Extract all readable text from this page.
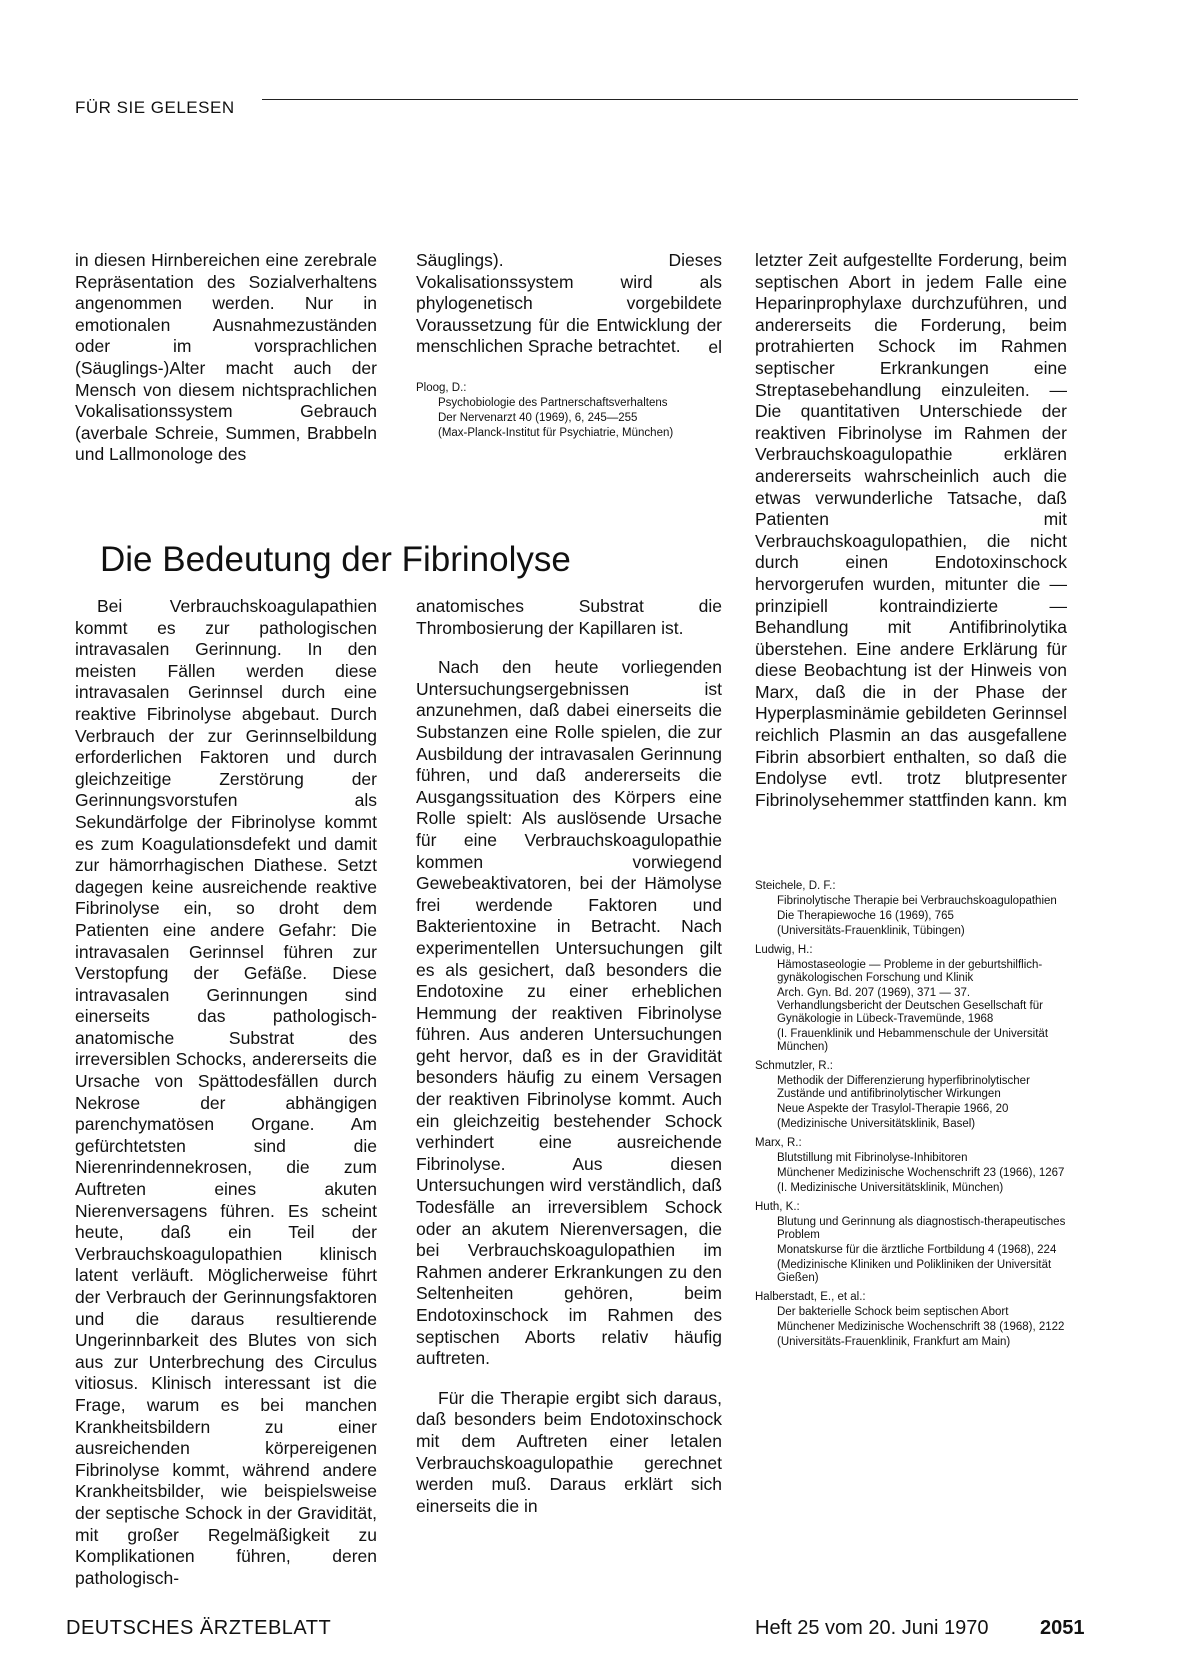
FÜR SIE GELESEN

in diesen Hirnbereichen eine zerebrale Repräsentation des Sozialverhaltens angenommen werden. Nur in emotionalen Ausnahmezuständen oder im vorsprachlichen (Säuglings-)Alter macht auch der Mensch von diesem nichtsprachlichen Vokalisationssystem Gebrauch (averbale Schreie, Summen, Brabbeln und Lallmonologe des

Säuglings). Dieses Vokalisationssystem wird als phylogenetisch vorgebildete Voraussetzung für die Entwicklung der menschlichen Sprache betrachtet.	el
Ploog, D.:
Psychobiologie des Partnerschaftsverhaltens
Der Nervenarzt 40 (1969), 6, 245—255
(Max-Planck-Institut für Psychiatrie, München)
Die Bedeutung der Fibrinolyse

Bei Verbrauchskoagulapathien kommt es zur pathologischen intravasalen Gerinnung. In den meisten Fällen werden diese intravasalen Gerinnsel durch eine reaktive Fibrinolyse abgebaut. Durch Verbrauch der zur Gerinnselbildung erforderlichen Faktoren und durch gleichzeitige Zerstörung der Gerinnungsvorstufen als Sekundärfolge der Fibrinolyse kommt es zum Koagulationsdefekt und damit zur hämorrhagischen Diathese. Setzt dagegen keine ausreichende reaktive Fibrinolyse ein, so droht dem Patienten eine andere Gefahr: Die intravasalen Gerinnsel führen zur Verstopfung der Gefäße. Diese intravasalen Gerinnungen sind einerseits das pathologisch-anatomische Substrat des irreversiblen Schocks, andererseits die Ursache von Spättodesfällen durch Nekrose der abhängigen parenchymatösen Organe. Am gefürchtetsten sind die Nierenrindennekrosen, die zum Auftreten eines akuten Nierenversagens führen. Es scheint heute, daß ein Teil der Verbrauchskoagulopathien klinisch latent verläuft. Möglicherweise führt der Verbrauch der Gerinnungsfaktoren und die daraus resultierende Ungerinnbarkeit des Blutes von sich aus zur Unterbrechung des Circulus vitiosus. Klinisch interessant ist die Frage, warum es bei manchen Krankheitsbildern zu einer ausreichenden körpereigenen Fibrinolyse kommt, während andere Krankheitsbilder, wie beispielsweise der septische Schock in der Gravidität, mit großer Regelmäßigkeit zu Komplikationen führen, deren pathologisch-

anatomisches Substrat die Thrombosierung der Kapillaren ist.

Nach den heute vorliegenden Untersuchungsergebnissen ist anzunehmen, daß dabei einerseits die Substanzen eine Rolle spielen, die zur Ausbildung der intravasalen Gerinnung führen, und daß andererseits die Ausgangssituation des Körpers eine Rolle spielt: Als auslösende Ursache für eine Verbrauchskoagulopathie kommen vorwiegend Gewebeaktivatoren, bei der Hämolyse frei werdende Faktoren und Bakterientoxine in Betracht. Nach experimentellen Untersuchungen gilt es als gesichert, daß besonders die Endotoxine zu einer erheblichen Hemmung der reaktiven Fibrinolyse führen. Aus anderen Untersuchungen geht hervor, daß es in der Gravidität besonders häufig zu einem Versagen der reaktiven Fibrinolyse kommt. Auch ein gleichzeitig bestehender Schock verhindert eine ausreichende Fibrinolyse. Aus diesen Untersuchungen wird verständlich, daß Todesfälle an irreversiblem Schock oder an akutem Nierenversagen, die bei Verbrauchskoagulopathien im Rahmen anderer Erkrankungen zu den Seltenheiten gehören, beim Endotoxinschock im Rahmen des septischen Aborts relativ häufig auftreten.

Für die Therapie ergibt sich daraus, daß besonders beim Endotoxinschock mit dem Auftreten einer letalen Verbrauchskoagulopathie gerechnet werden muß. Daraus erklärt sich einerseits die in

letzter Zeit aufgestellte Forderung, beim septischen Abort in jedem Falle eine Heparinprophylaxe durchzuführen, und andererseits die Forderung, beim protrahierten Schock im Rahmen septischer Erkrankungen eine Streptasebehandlung einzuleiten. — Die quantitativen Unterschiede der reaktiven Fibrinolyse im Rahmen der Verbrauchskoagulopathie erklären andererseits wahrscheinlich auch die etwas verwunderliche Tatsache, daß Patienten mit Verbrauchskoagulopathien, die nicht durch einen Endotoxinschock hervorgerufen wurden, mitunter die — prinzipiell kontraindizierte — Behandlung mit Antifibrinolytika überstehen. Eine andere Erklärung für diese Beobachtung ist der Hinweis von Marx, daß die in der Phase der Hyperplasminämie gebildeten Gerinnsel reichlich Plasmin an das ausgefallene Fibrin absorbiert enthalten, so daß die Endolyse evtl. trotz blutpresenter Fibrinolysehemmer stattfinden kann. km
Steichele, D. F.:
Fibrinolytische Therapie bei Verbrauchskoagulopathien
Die Therapiewoche 16 (1969), 765
(Universitäts-Frauenklinik, Tübingen)
Ludwig, H.:
Hämostaseologie — Probleme in der geburtshilflich-gynäkologischen Forschung und Klinik
Arch. Gyn. Bd. 207 (1969), 371 — 37. Verhandlungsbericht der Deutschen Gesellschaft für Gynäkologie in Lübeck-Travemünde, 1968
(I. Frauenklinik und Hebammenschule der Universität München)
Schmutzler, R.:
Methodik der Differenzierung hyperfibrinolytischer Zustände und antifibrinolytischer Wirkungen
Neue Aspekte der Trasylol-Therapie 1966, 20
(Medizinische Universitätsklinik, Basel)
Marx, R.:
Blutstillung mit Fibrinolyse-Inhibitoren
Münchener Medizinische Wochenschrift 23 (1966), 1267
(I. Medizinische Universitätsklinik, München)
Huth, K.:
Blutung und Gerinnung als diagnostisch-therapeutisches Problem
Monatskurse für die ärztliche Fortbildung 4 (1968), 224
(Medizinische Kliniken und Polikliniken der Universität Gießen)
Halberstadt, E., et al.:
Der bakterielle Schock beim septischen Abort
Münchener Medizinische Wochenschrift 38 (1968), 2122
(Universitäts-Frauenklinik, Frankfurt am Main)
DEUTSCHES ÄRZTEBLATT	Heft 25 vom 20. Juni 1970	2051
